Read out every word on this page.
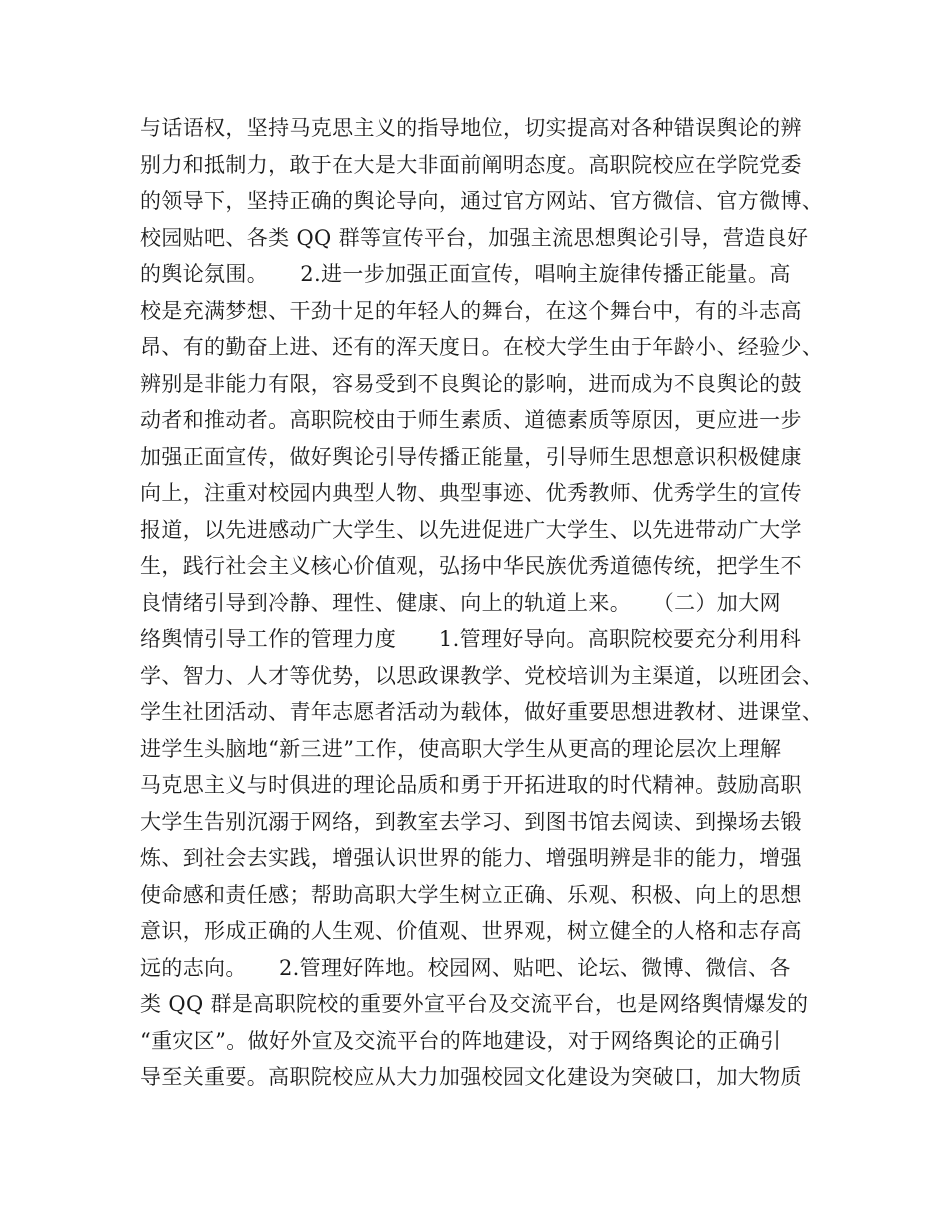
与话语权，坚持马克思主义的指导地位，切实提高对各种错误舆论的辨
别力和抵制力，敢于在大是大非面前阐明态度。高职院校应在学院党委
的领导下，坚持正确的舆论导向，通过官方网站、官方微信、官方微博、
校园贴吧、各类 QQ 群等宣传平台，加强主流思想舆论引导，营造良好
的舆论氛围。　　2.进一步加强正面宣传，唱响主旋律传播正能量。高
校是充满梦想、干劲十足的年轻人的舞台，在这个舞台中，有的斗志高
昂、有的勤奋上进、还有的浑天度日。在校大学生由于年龄小、经验少、
辨别是非能力有限，容易受到不良舆论的影响，进而成为不良舆论的鼓
动者和推动者。高职院校由于师生素质、道德素质等原因，更应进一步
加强正面宣传，做好舆论引导传播正能量，引导师生思想意识积极健康
向上，注重对校园内典型人物、典型事迹、优秀教师、优秀学生的宣传
报道，以先进感动广大学生、以先进促进广大学生、以先进带动广大学
生，践行社会主义核心价值观，弘扬中华民族优秀道德传统，把学生不
良情绪引导到冷静、理性、健康、向上的轨道上来。　　（二）加大网
络舆情引导工作的管理力度　　1.管理好导向。高职院校要充分利用科
学、智力、人才等优势，以思政课教学、党校培训为主渠道，以班团会、
学生社团活动、青年志愿者活动为载体，做好重要思想进教材、进课堂、
进学生头脑地“新三进”工作，使高职大学生从更高的理论层次上理解
马克思主义与时俱进的理论品质和勇于开拓进取的时代精神。鼓励高职
大学生告别沉溺于网络，到教室去学习、到图书馆去阅读、到操场去锻
炼、到社会去实践，增强认识世界的能力、增强明辨是非的能力，增强
使命感和责任感；帮助高职大学生树立正确、乐观、积极、向上的思想
意识，形成正确的人生观、价值观、世界观，树立健全的人格和志存高
远的志向。　　2.管理好阵地。校园网、贴吧、论坛、微博、微信、各
类 QQ 群是高职院校的重要外宣平台及交流平台，也是网络舆情爆发的
“重灾区”。做好外宣及交流平台的阵地建设，对于网络舆论的正确引
导至关重要。高职院校应从大力加强校园文化建设为突破口，加大物质
